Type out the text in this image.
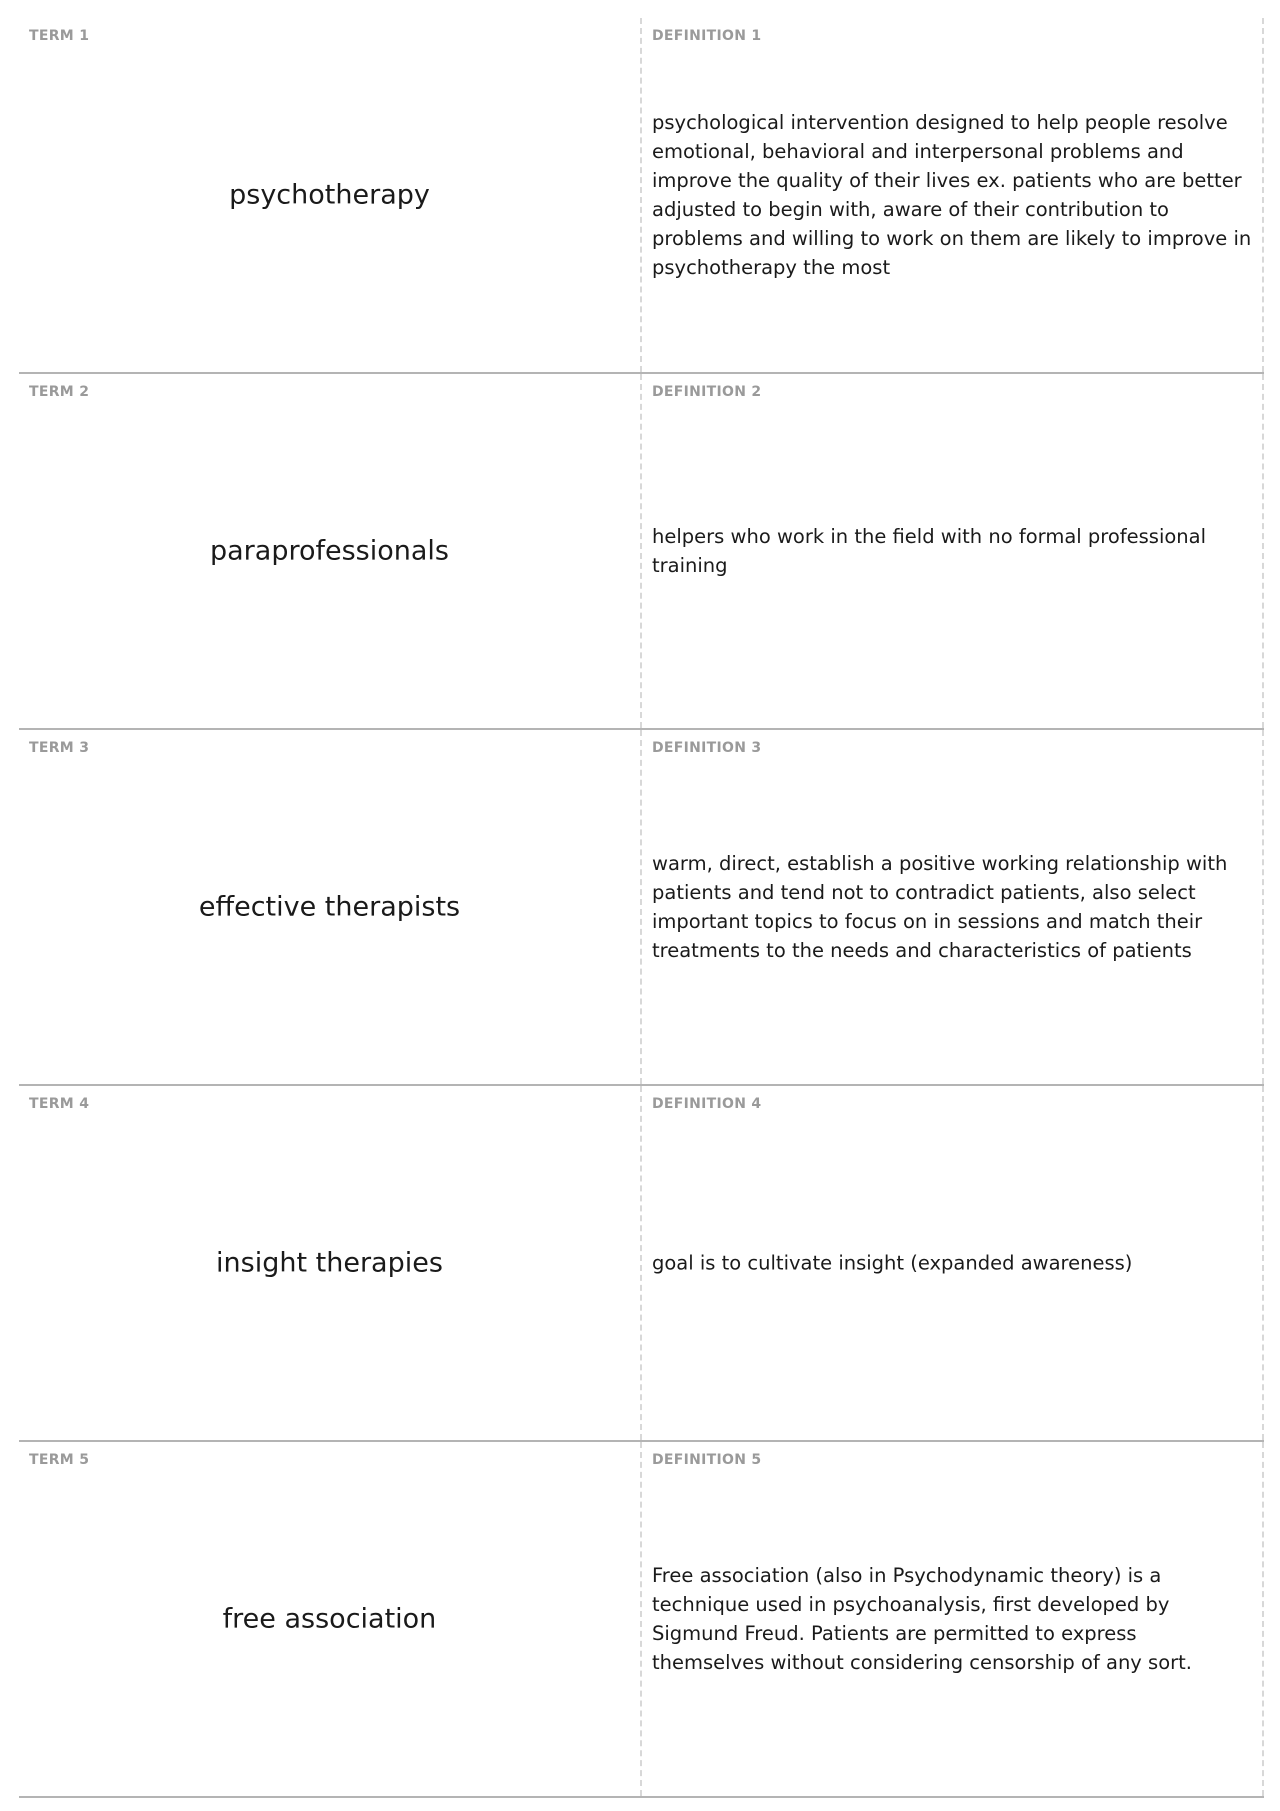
TERM 1
psychotherapy
DEFINITION 1
psychological intervention designed to help people resolve emotional, behavioral and interpersonal problems and improve the quality of their lives ex. patients who are better adjusted to begin with, aware of their contribution to problems and willing to work on them are likely to improve in psychotherapy the most
TERM 2
paraprofessionals
DEFINITION 2
helpers who work in the field with no formal professional training
TERM 3
effective therapists
DEFINITION 3
warm, direct, establish a positive working relationship with patients and tend not to contradict patients, also select important topics to focus on in sessions and match their treatments to the needs and characteristics of patients
TERM 4
insight therapies
DEFINITION 4
goal is to cultivate insight (expanded awareness)
TERM 5
free association
DEFINITION 5
Free association (also in Psychodynamic theory) is a technique used in psychoanalysis, first developed by Sigmund Freud. Patients are permitted to express themselves without considering censorship of any sort.
